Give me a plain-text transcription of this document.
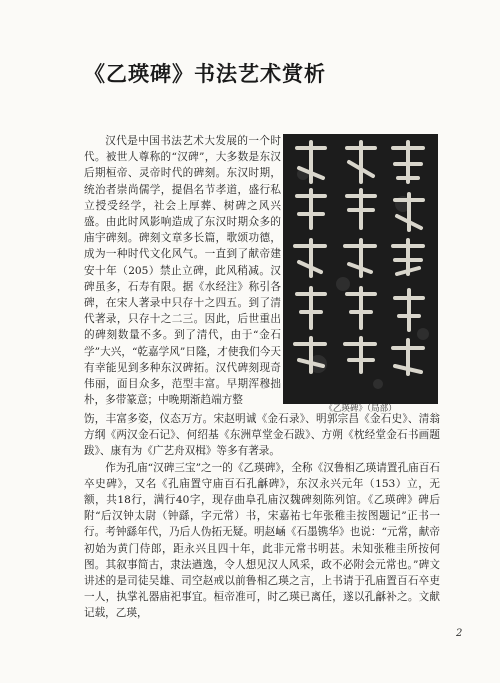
《乙瑛碑》书法艺术赏析
汉代是中国书法艺术大发展的一个时代。被世人尊称的“汉碑”，大多数是东汉后期桓帝、灵帝时代的碑刻。东汉时期，统治者崇尚儒学，提倡名节孝道，盛行私立授受经学，社会上厚葬、树碑之风兴盛。由此时风影响造成了东汉时期众多的庙宇碑刻。碑刻文章多长篇，歌颂功德，成为一种时代文化风气。一直到了献帝建安十年（205）禁止立碑，此风稍减。汉碑虽多，石寿有限。据《水经注》称引各碑，在宋人著录中只存十之四五。到了清代著录，只存十之二三。因此，后世重出的碑刻数量不多。到了清代，由于“金石学”大兴，“乾嘉学风”日隆，才使我们今天有幸能见到多种东汉碑拓。汉代碑刻现奇伟丽，面目众多，范型丰富。早期浑穆拙朴，多带篆意；中晚期渐趋端方整
《乙瑛碑》（局部）

饬，丰富多姿，仪态万方。宋赵明诚《金石录》、明郭宗昌《金石史》、清翁方纲《两汉金石记》、何绍基《东洲草堂金石跋》、方朔《枕经堂金石书画题跋》、康有为《广艺舟双楫》等多有著录。

作为孔庙“汉碑三宝”之一的《乙瑛碑》，全称《汉鲁相乙瑛请置孔庙百石卒史碑》，又名《孔庙置守庙百石孔龢碑》，东汉永兴元年（153）立，无额，共18行，满行40字，现存曲阜孔庙汉魏碑刻陈列馆。《乙瑛碑》碑后附“后汉钟太尉（钟繇，字元常）书，宋嘉祐七年张稚圭按图题记”正书一行。考钟繇年代，乃后人伪拓无疑。明赵崡《石墨镌华》也说：“元常，献帝初始为黄门侍郎，距永兴且四十年，此非元常书明甚。未知张稚圭所按何图。其叙事简古，隶法遒逸，令人想见汉人风采，政不必附会元常也。”碑文讲述的是司徒吴雄、司空赵戒以前鲁相乙瑛之言，上书请于孔庙置百石卒吏一人，执掌礼器庙祀事宜。桓帝准可，时乙瑛已离任，遂以孔龢补之。文献记载，乙瑛，

2
